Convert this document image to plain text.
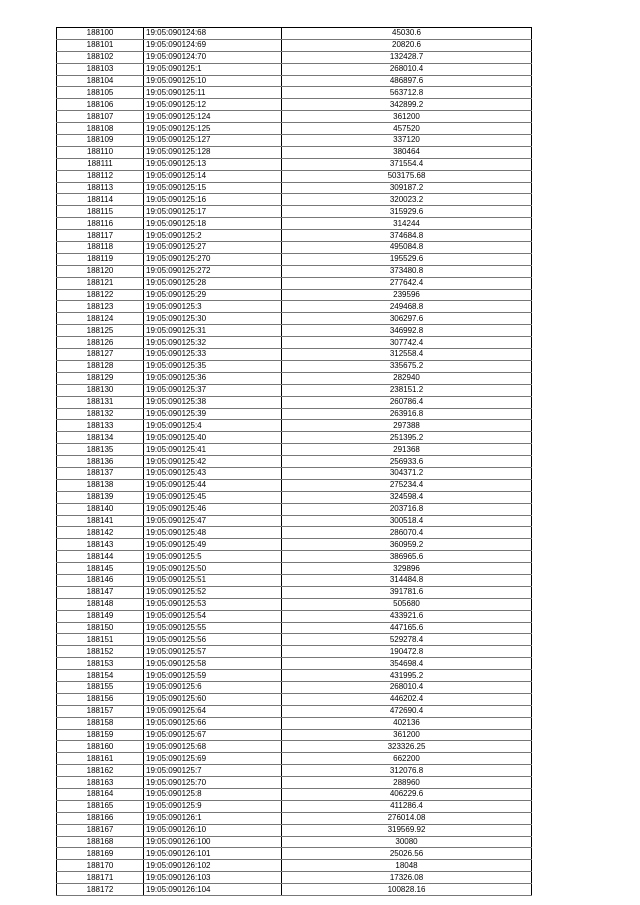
188100	19:05:090124:68	45030.6
188101	19:05:090124:69	20820.6
188102	19:05:090124:70	132428.7
188103	19:05:090125:1	268010.4
188104	19:05:090125:10	486897.6
188105	19:05:090125:11	563712.8
188106	19:05:090125:12	342899.2
188107	19:05:090125:124	361200
188108	19:05:090125:125	457520
188109	19:05:090125:127	337120
188110	19:05:090125:128	380464
188111	19:05:090125:13	371554.4
188112	19:05:090125:14	503175.68
188113	19:05:090125:15	309187.2
188114	19:05:090125:16	320023.2
188115	19:05:090125:17	315929.6
188116	19:05:090125:18	314244
188117	19:05:090125:2	374684.8
188118	19:05:090125:27	495084.8
188119	19:05:090125:270	195529.6
188120	19:05:090125:272	373480.8
188121	19:05:090125:28	277642.4
188122	19:05:090125:29	239596
188123	19:05:090125:3	249468.8
188124	19:05:090125:30	306297.6
188125	19:05:090125:31	346992.8
188126	19:05:090125:32	307742.4
188127	19:05:090125:33	312558.4
188128	19:05:090125:35	335675.2
188129	19:05:090125:36	282940
188130	19:05:090125:37	238151.2
188131	19:05:090125:38	260786.4
188132	19:05:090125:39	263916.8
188133	19:05:090125:4	297388
188134	19:05:090125:40	251395.2
188135	19:05:090125:41	291368
188136	19:05:090125:42	256933.6
188137	19:05:090125:43	304371.2
188138	19:05:090125:44	275234.4
188139	19:05:090125:45	324598.4
188140	19:05:090125:46	203716.8
188141	19:05:090125:47	300518.4
188142	19:05:090125:48	286070.4
188143	19:05:090125:49	360959.2
188144	19:05:090125:5	386965.6
188145	19:05:090125:50	329896
188146	19:05:090125:51	314484.8
188147	19:05:090125:52	391781.6
188148	19:05:090125:53	505680
188149	19:05:090125:54	433921.6
188150	19:05:090125:55	447165.6
188151	19:05:090125:56	529278.4
188152	19:05:090125:57	190472.8
188153	19:05:090125:58	354698.4
188154	19:05:090125:59	431995.2
188155	19:05:090125:6	268010.4
188156	19:05:090125:60	446202.4
188157	19:05:090125:64	472690.4
188158	19:05:090125:66	402136
188159	19:05:090125:67	361200
188160	19:05:090125:68	323326.25
188161	19:05:090125:69	662200
188162	19:05:090125:7	312076.8
188163	19:05:090125:70	288960
188164	19:05:090125:8	406229.6
188165	19:05:090125:9	411286.4
188166	19:05:090126:1	276014.08
188167	19:05:090126:10	319569.92
188168	19:05:090126:100	30080
188169	19:05:090126:101	25026.56
188170	19:05:090126:102	18048
188171	19:05:090126:103	17326.08
188172	19:05:090126:104	100828.16
